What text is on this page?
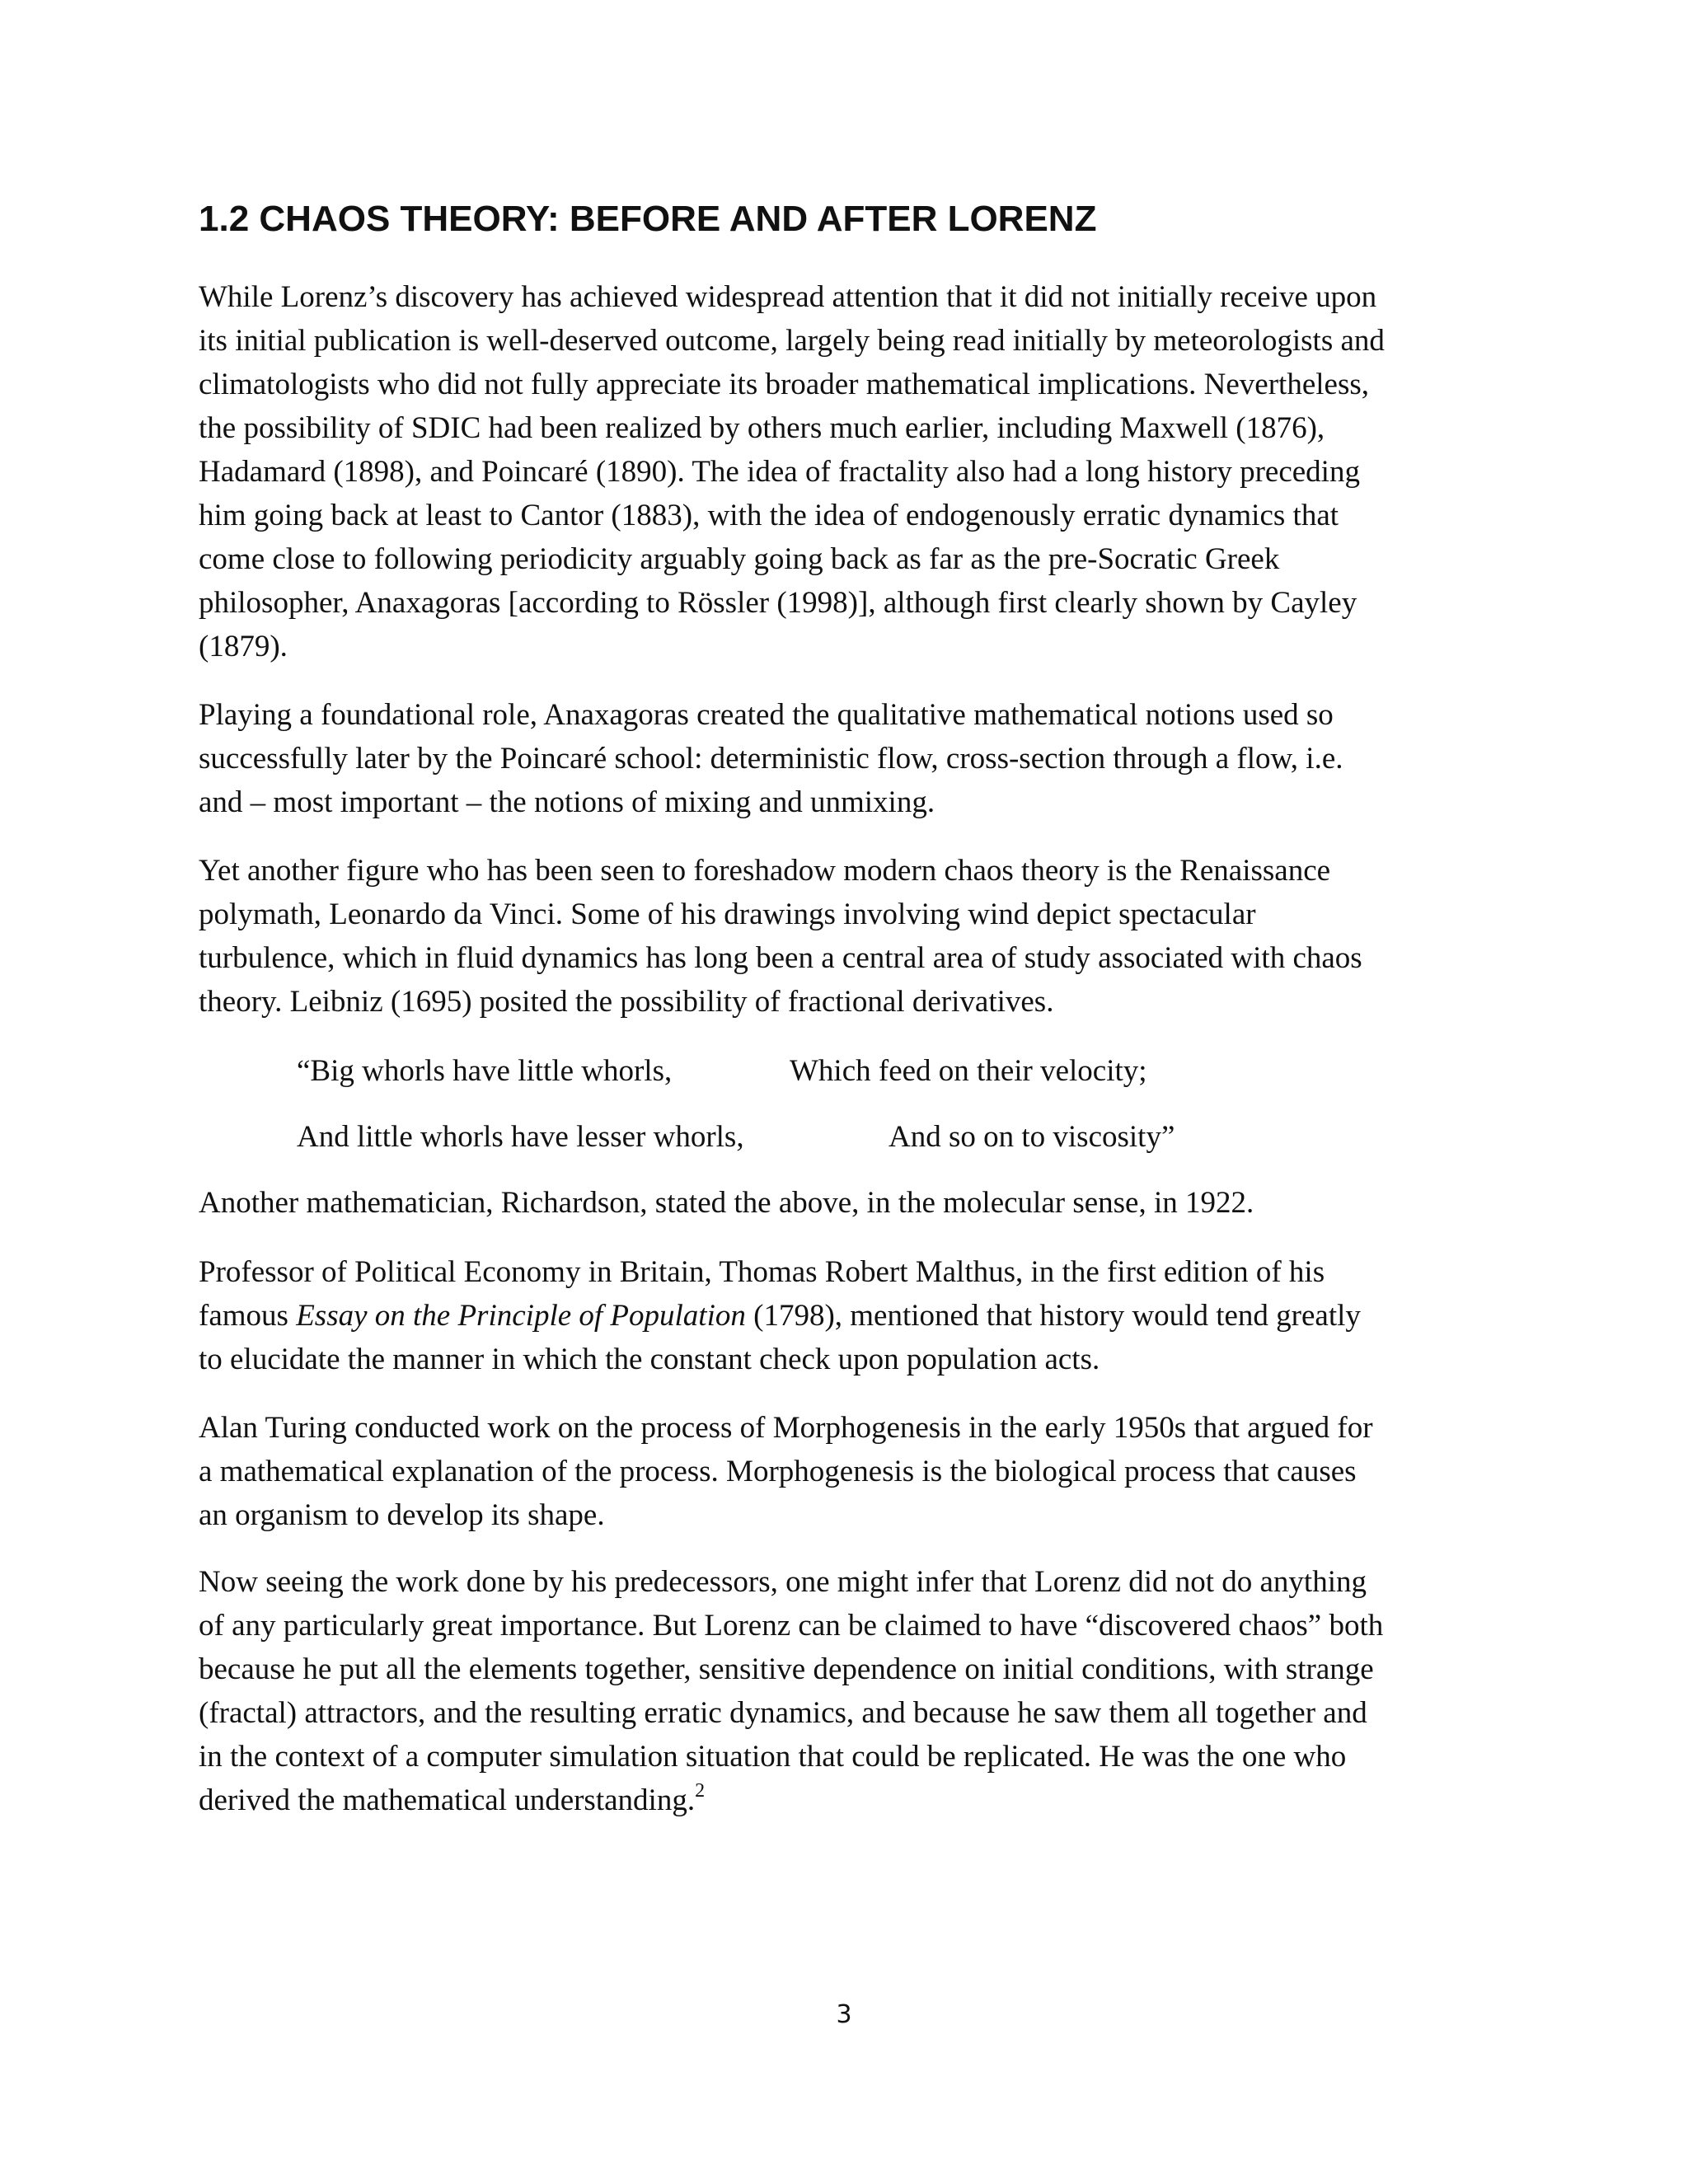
1.2 CHAOS THEORY: BEFORE AND AFTER LORENZ

While Lorenz’s discovery has achieved widespread attention that it did not initially receive upon
its initial publication is well-deserved outcome, largely being read initially by meteorologists and
climatologists who did not fully appreciate its broader mathematical implications. Nevertheless,
the possibility of SDIC had been realized by others much earlier, including Maxwell (1876),
Hadamard (1898), and Poincaré (1890). The idea of fractality also had a long history preceding
him going back at least to Cantor (1883), with the idea of endogenously erratic dynamics that
come close to following periodicity arguably going back as far as the pre-Socratic Greek
philosopher, Anaxagoras [according to Rössler (1998)], although first clearly shown by Cayley
(1879).

Playing a foundational role, Anaxagoras created the qualitative mathematical notions used so
successfully later by the Poincaré school: deterministic flow, cross-section through a flow, i.e.
and – most important – the notions of mixing and unmixing.

Yet another figure who has been seen to foreshadow modern chaos theory is the Renaissance
polymath, Leonardo da Vinci. Some of his drawings involving wind depict spectacular
turbulence, which in fluid dynamics has long been a central area of study associated with chaos
theory. Leibniz (1695) posited the possibility of fractional derivatives.

“Big whorls have little whorls,	Which feed on their velocity;

And little whorls have lesser whorls,	And so on to viscosity”

Another mathematician, Richardson, stated the above, in the molecular sense, in 1922.

Professor of Political Economy in Britain, Thomas Robert Malthus, in the first edition of his
famous Essay on the Principle of Population (1798), mentioned that history would tend greatly
to elucidate the manner in which the constant check upon population acts.

Alan Turing conducted work on the process of Morphogenesis in the early 1950s that argued for
a mathematical explanation of the process. Morphogenesis is the biological process that causes
an organism to develop its shape.

Now seeing the work done by his predecessors, one might infer that Lorenz did not do anything
of any particularly great importance. But Lorenz can be claimed to have “discovered chaos” both
because he put all the elements together, sensitive dependence on initial conditions, with strange
(fractal) attractors, and the resulting erratic dynamics, and because he saw them all together and
in the context of a computer simulation situation that could be replicated. He was the one who
derived the mathematical understanding.$^2$

3
